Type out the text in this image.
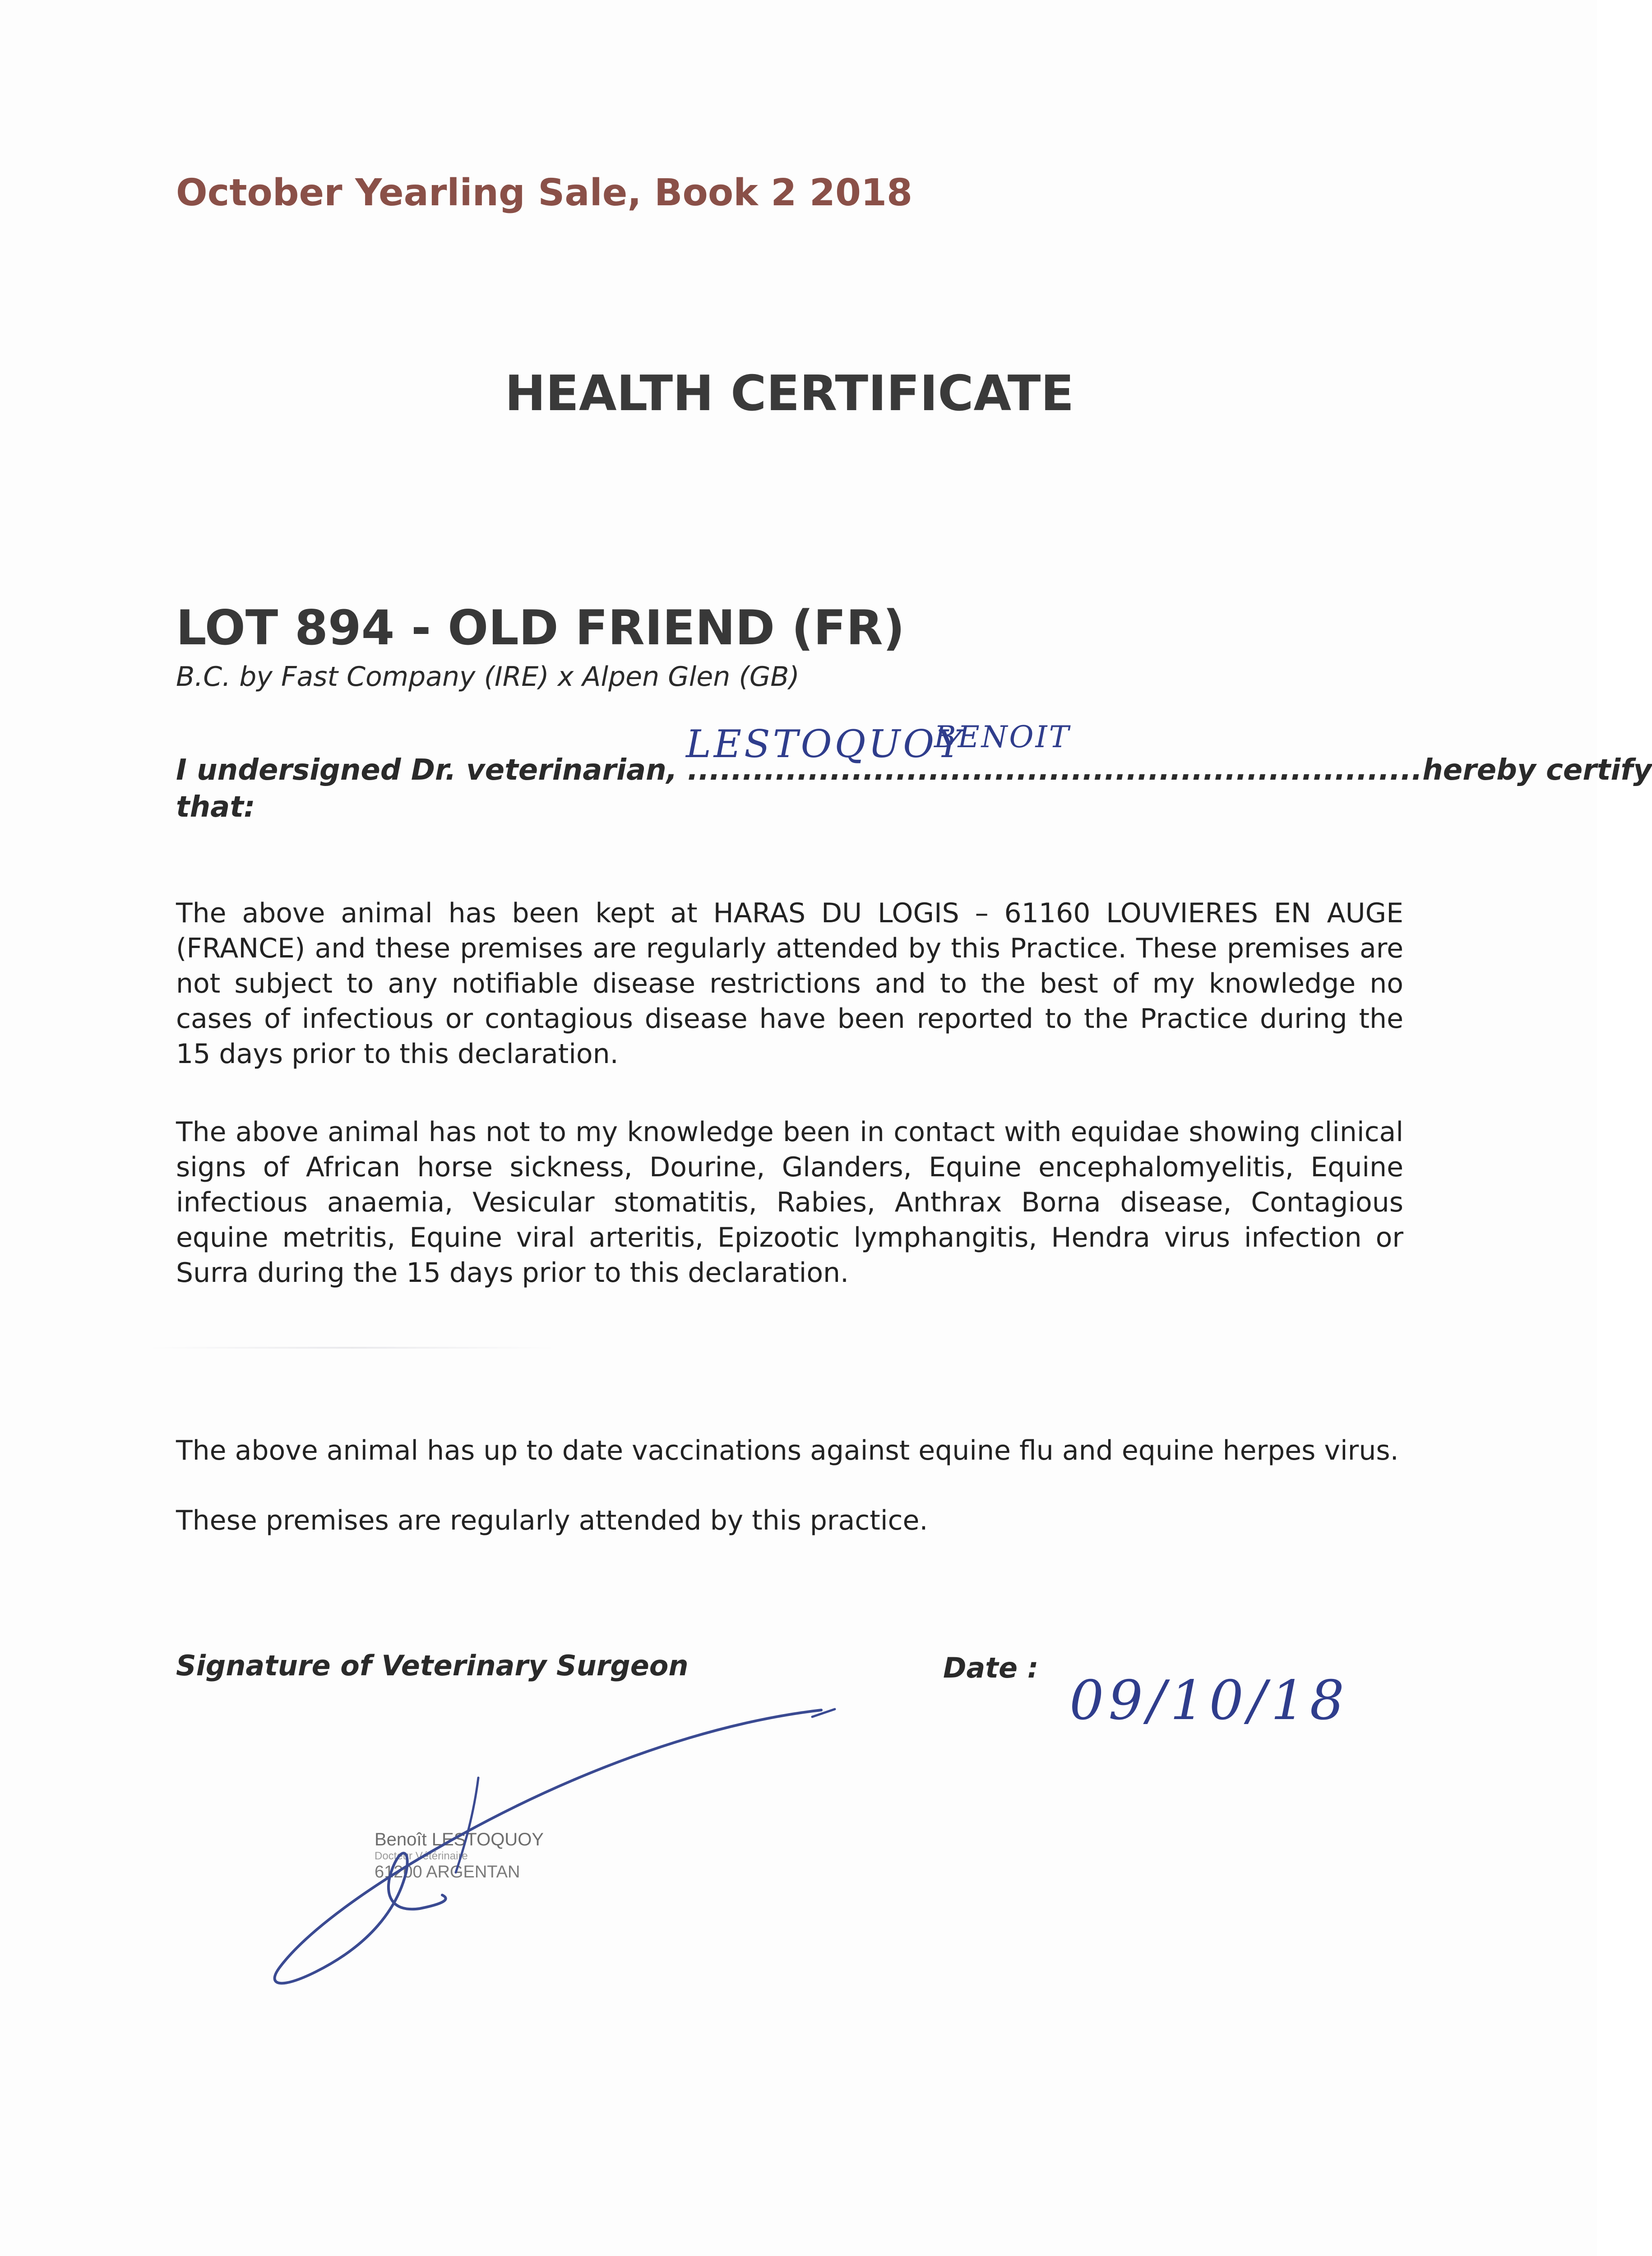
October Yearling Sale, Book 2 2018
HEALTH CERTIFICATE
LOT 894 - OLD FRIEND (FR)
B.C. by Fast Company (IRE) x Alpen Glen (GB)
I undersigned Dr. veterinarian, ...................................................................hereby certify
that:
LESTOQUOY
BENOIT
The above animal has been kept at HARAS DU LOGIS – 61160 LOUVIERES EN AUGE (FRANCE) and these premises are regularly attended by this Practice. These premises are not subject to any notifiable disease restrictions and to the best of my knowledge no cases of infectious or contagious disease have been reported to the Practice during the 15 days prior to this declaration.
The above animal has not to my knowledge been in contact with equidae showing clinical signs of African horse sickness, Dourine, Glanders, Equine encephalomyelitis, Equine infectious anaemia, Vesicular stomatitis, Rabies, Anthrax Borna disease, Contagious equine metritis, Equine viral arteritis, Epizootic lymphangitis, Hendra virus infection or Surra during the 15 days prior to this declaration.
The above animal has up to date vaccinations against equine flu and equine herpes virus.
These premises are regularly attended by this practice.
Signature of Veterinary Surgeon	Date :
09/10/18
Benoît LESTOQUOY
Docteur Vétérinaire
61200 ARGENTAN
